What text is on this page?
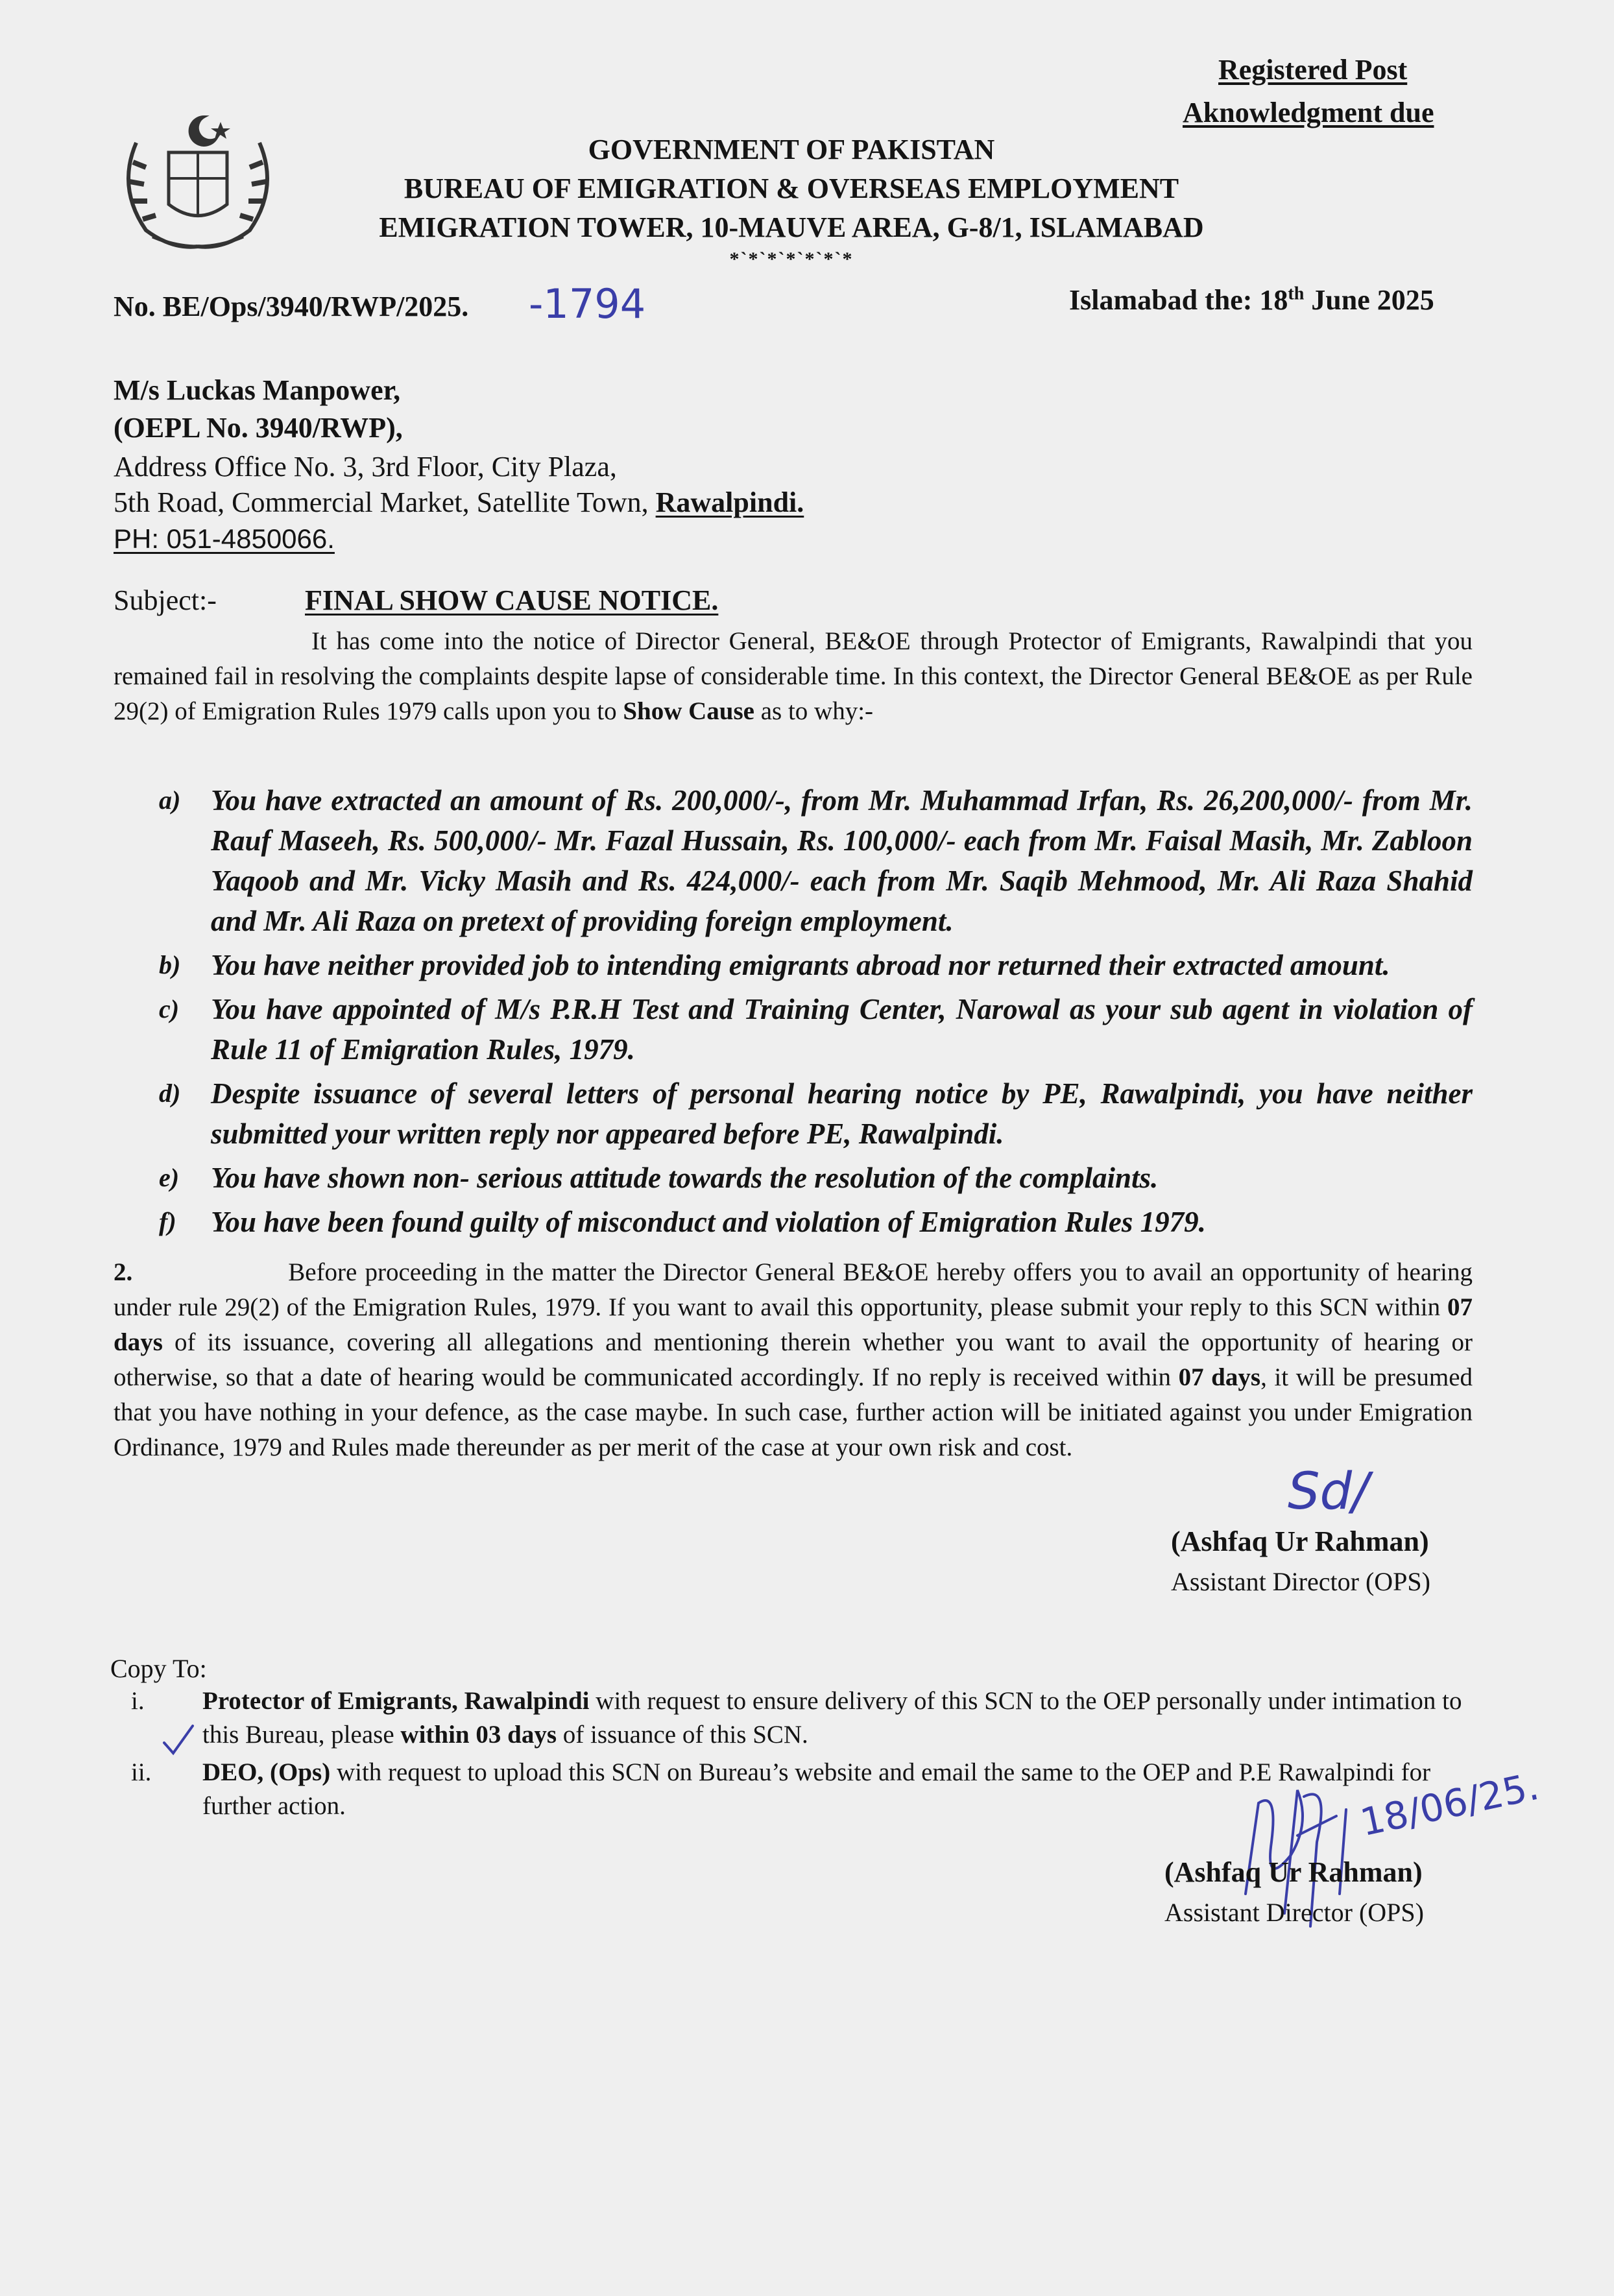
Registered Post
Aknowledgment due
GOVERNMENT OF PAKISTAN
BUREAU OF EMIGRATION & OVERSEAS EMPLOYMENT
EMIGRATION TOWER, 10-MAUVE AREA, G-8/1, ISLAMABAD
*`*`*`*`*`*`*
No. BE/Ops/3940/RWP/2025. -1794	Islamabad the: 18th June 2025
M/s Luckas Manpower,
(OEPL No. 3940/RWP),
Address Office No. 3, 3rd Floor, City Plaza,
5th Road, Commercial Market, Satellite Town, Rawalpindi.
PH: 051-4850066.
Subject:-	FINAL SHOW CAUSE NOTICE.
It has come into the notice of Director General, BE&OE through Protector of Emigrants, Rawalpindi that you remained fail in resolving the complaints despite lapse of considerable time. In this context, the Director General BE&OE as per Rule 29(2) of Emigration Rules 1979 calls upon you to Show Cause as to why:-
a) You have extracted an amount of Rs. 200,000/-, from Mr. Muhammad Irfan, Rs. 26,200,000/- from Mr. Rauf Maseeh, Rs. 500,000/- Mr. Fazal Hussain, Rs. 100,000/- each from Mr. Faisal Masih, Mr. Zabloon Yaqoob and Mr. Vicky Masih and Rs. 424,000/- each from Mr. Saqib Mehmood, Mr. Ali Raza Shahid and Mr. Ali Raza on pretext of providing foreign employment.
b) You have neither provided job to intending emigrants abroad nor returned their extracted amount.
c) You have appointed of M/s P.R.H Test and Training Center, Narowal as your sub agent in violation of Rule 11 of Emigration Rules, 1979.
d) Despite issuance of several letters of personal hearing notice by PE, Rawalpindi, you have neither submitted your written reply nor appeared before PE, Rawalpindi.
e) You have shown non- serious attitude towards the resolution of the complaints.
f) You have been found guilty of misconduct and violation of Emigration Rules 1979.
2.	Before proceeding in the matter the Director General BE&OE hereby offers you to avail an opportunity of hearing under rule 29(2) of the Emigration Rules, 1979. If you want to avail this opportunity, please submit your reply to this SCN within 07 days of its issuance, covering all allegations and mentioning therein whether you want to avail the opportunity of hearing or otherwise, so that a date of hearing would be communicated accordingly. If no reply is received within 07 days, it will be presumed that you have nothing in your defence, as the case maybe. In such case, further action will be initiated against you under Emigration Ordinance, 1979 and Rules made thereunder as per merit of the case at your own risk and cost.
Sd/
(Ashfaq Ur Rahman)
Assistant Director (OPS)
Copy To:
i. Protector of Emigrants, Rawalpindi with request to ensure delivery of this SCN to the OEP personally under intimation to this Bureau, please within 03 days of issuance of this SCN.
ii. DEO, (Ops) with request to upload this SCN on Bureau’s website and email the same to the OEP and P.E Rawalpindi for further action.	18/06/25.
(Ashfaq Ur Rahman)
Assistant Director (OPS)
